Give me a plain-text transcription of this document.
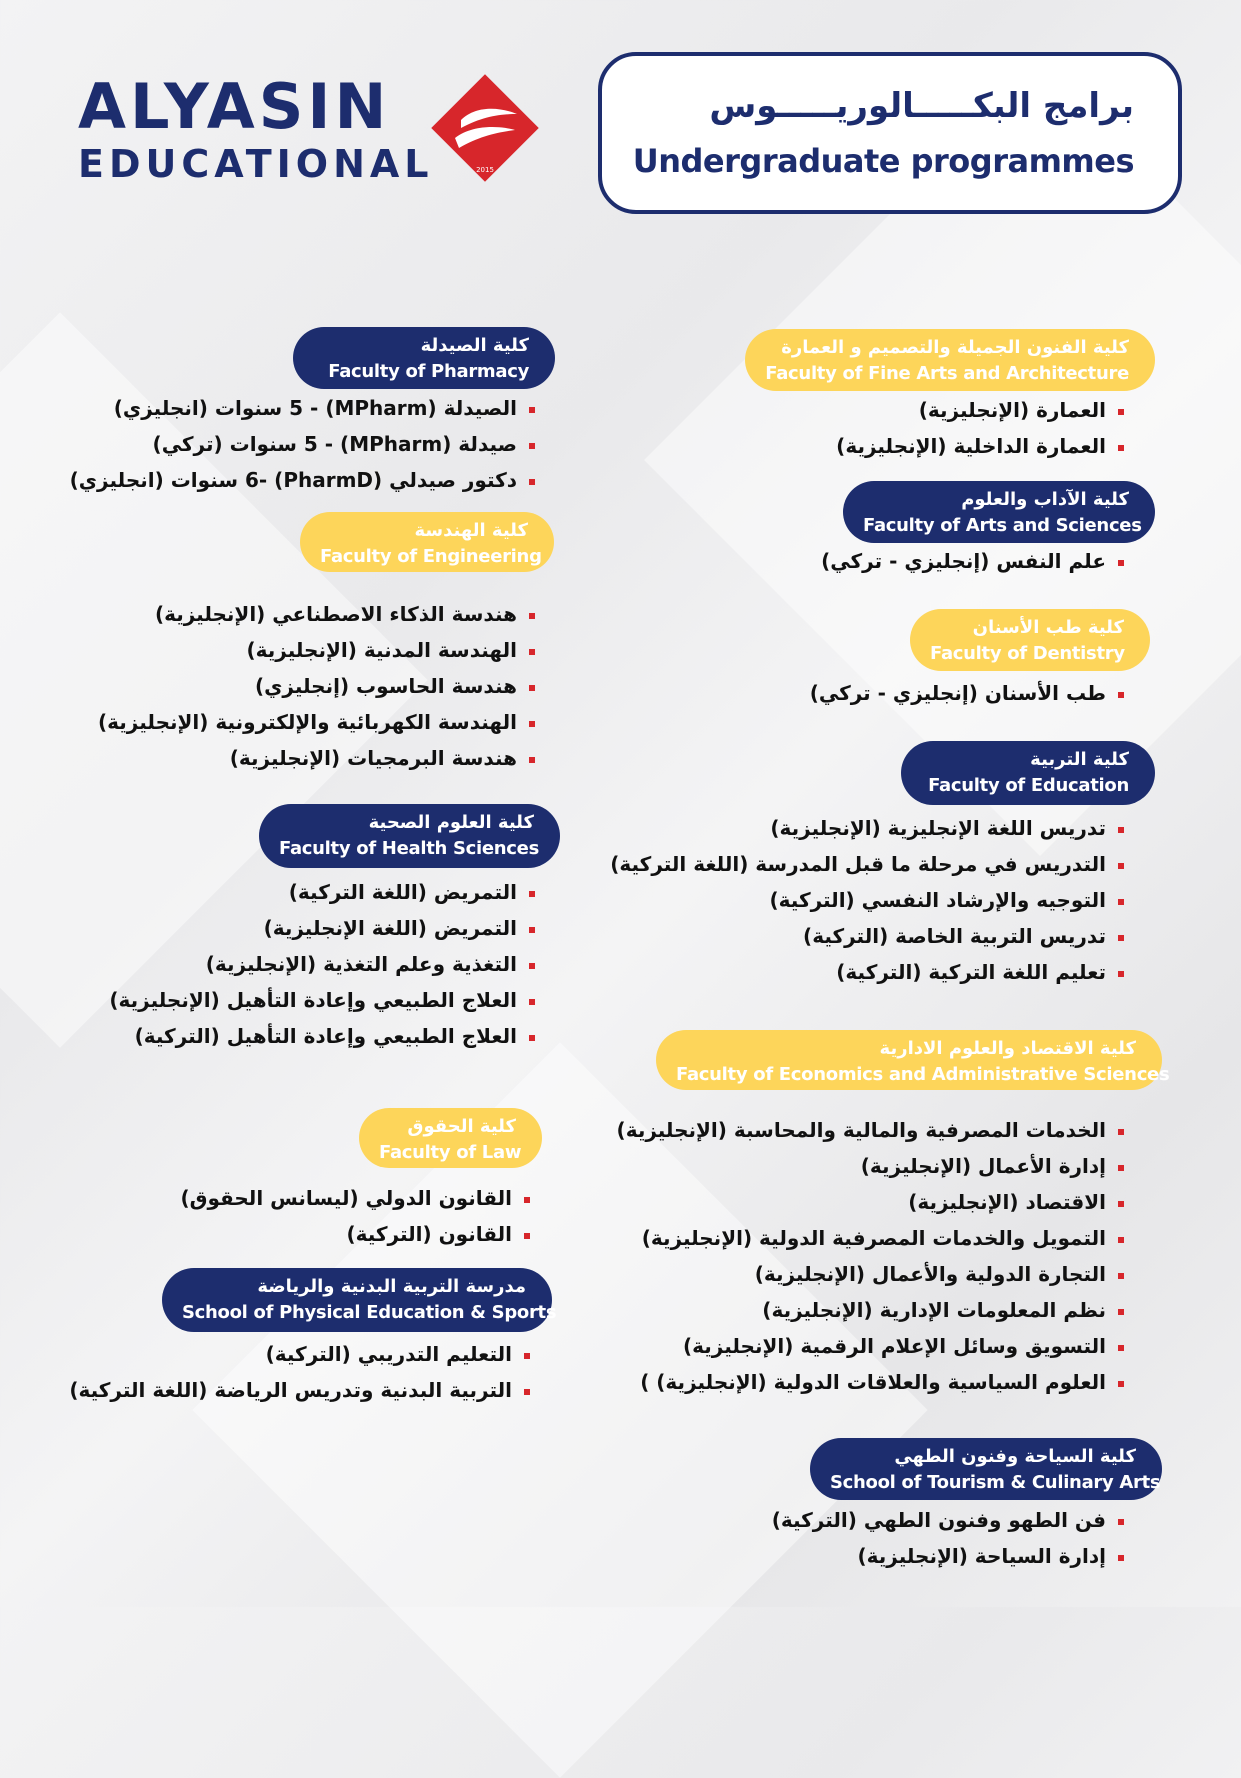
ALYASIN
EDUCATIONAL	2015
برامج البكـــــالوريـــــوس
Undergraduate programmes
كلية الصيدلة
Faculty of Pharmacy
الصيدلة (MPharm) - 5 سنوات (انجليزي)
صيدلة (MPharm) - 5 سنوات (تركي)
دكتور صيدلي (PharmD) -6 سنوات (انجليزي)
كلية الهندسة
Faculty of Engineering
هندسة الذكاء الاصطناعي (الإنجليزية)
الهندسة المدنية (الإنجليزية)
هندسة الحاسوب (إنجليزي)
الهندسة الكهربائية والإلكترونية (الإنجليزية)
هندسة البرمجيات (الإنجليزية)
كلية العلوم الصحية
Faculty of Health Sciences
التمريض (اللغة التركية)
التمريض (اللغة الإنجليزية)
التغذية وعلم التغذية (الإنجليزية)
العلاج الطبيعي وإعادة التأهيل (الإنجليزية)
العلاج الطبيعي وإعادة التأهيل (التركية)
كلية الحقوق
Faculty of Law
القانون الدولي (ليسانس الحقوق)
القانون (التركية)
مدرسة التربية البدنية والرياضة
School of Physical Education & Sports
التعليم التدريبي (التركية)
التربية البدنية وتدريس الرياضة (اللغة التركية)
كلية الفنون الجميلة والتصميم و العمارة
Faculty of Fine Arts and Architecture
العمارة (الإنجليزية)
العمارة الداخلية (الإنجليزية)
كلية الآداب والعلوم
Faculty of Arts and Sciences
علم النفس (إنجليزي - تركي)
كلية طب الأسنان
Faculty of Dentistry
طب الأسنان (إنجليزي - تركي)
كلية التربية
Faculty of Education
تدريس اللغة الإنجليزية (الإنجليزية)
التدريس في مرحلة ما قبل المدرسة (اللغة التركية)
التوجيه والإرشاد النفسي (التركية)
تدريس التربية الخاصة (التركية)
تعليم اللغة التركية (التركية)
كلية الاقتصاد والعلوم الادارية
Faculty of Economics and Administrative Sciences
الخدمات المصرفية والمالية والمحاسبة (الإنجليزية)
إدارة الأعمال (الإنجليزية)
الاقتصاد (الإنجليزية)
التمويل والخدمات المصرفية الدولية (الإنجليزية)
التجارة الدولية والأعمال (الإنجليزية)
نظم المعلومات الإدارية (الإنجليزية)
التسويق وسائل الإعلام الرقمية (الإنجليزية)
العلوم السياسية والعلاقات الدولية (الإنجليزية) )
كلية السياحة وفنون الطهي
School of Tourism & Culinary Arts
فن الطهو وفنون الطهي (التركية)
إدارة السياحة (الإنجليزية)
